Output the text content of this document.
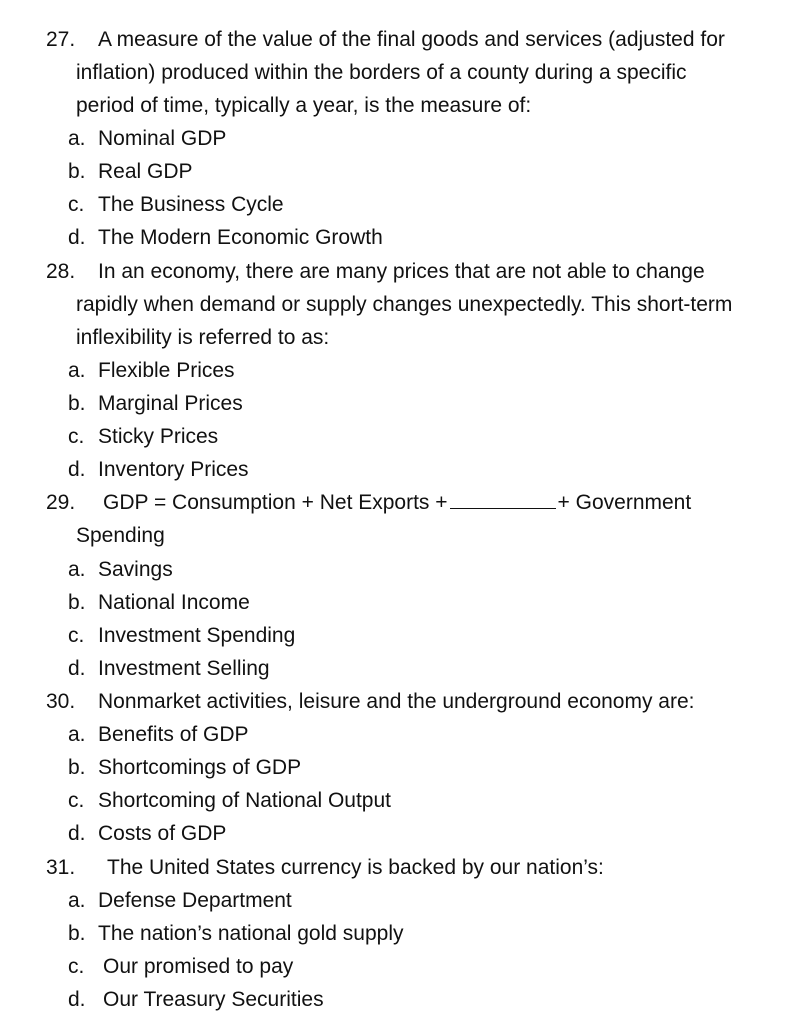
27. A measure of the value of the final goods and services (adjusted for
inflation) produced within the borders of a county during a specific
period of time, typically a year, is the measure of:
a. Nominal GDP
b. Real GDP
c. The Business Cycle
d. The Modern Economic Growth
28. In an economy, there are many prices that are not able to change
rapidly when demand or supply changes unexpectedly. This short-term
inflexibility is referred to as:
a. Flexible Prices
b. Marginal Prices
c. Sticky Prices
d. Inventory Prices
29. GDP = Consumption + Net Exports +	+ Government
Spending
a. Savings
b. National Income
c. Investment Spending
d. Investment Selling
30. Nonmarket activities, leisure and the underground economy are:
a. Benefits of GDP
b. Shortcomings of GDP
c. Shortcoming of National Output
d. Costs of GDP
31. The United States currency is backed by our nation’s:
a. Defense Department
b. The nation’s national gold supply
c. Our promised to pay
d. Our Treasury Securities
